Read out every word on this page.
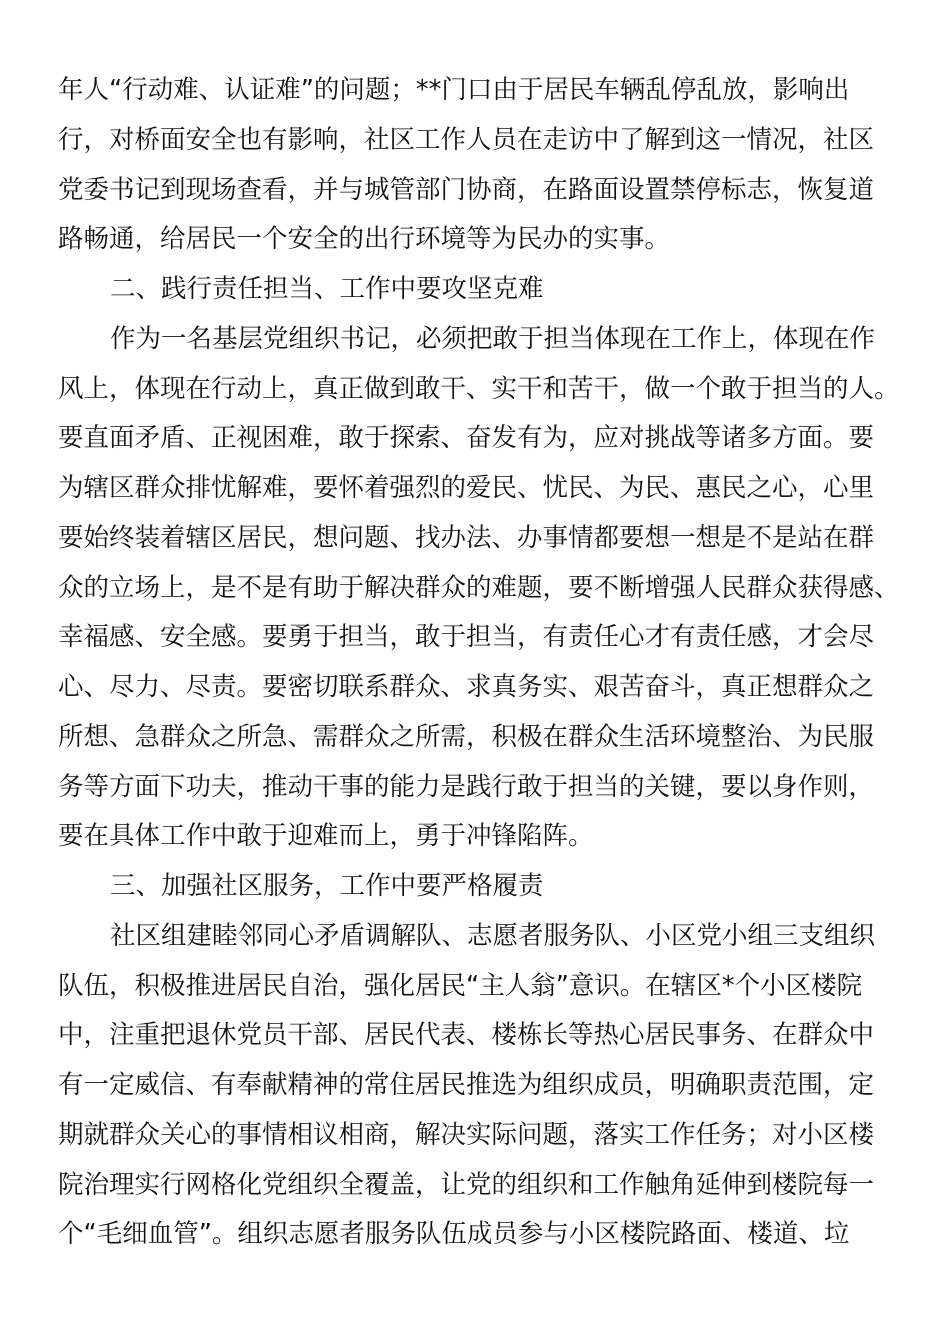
年人“行动难、认证难”的问题；**门口由于居民车辆乱停乱放，影响出
行，对桥面安全也有影响，社区工作人员在走访中了解到这一情况，社区
党委书记到现场查看，并与城管部门协商，在路面设置禁停标志，恢复道
路畅通，给居民一个安全的出行环境等为民办的实事。
二、践行责任担当、工作中要攻坚克难
作为一名基层党组织书记，必须把敢于担当体现在工作上，体现在作
风上，体现在行动上，真正做到敢干、实干和苦干，做一个敢于担当的人。
要直面矛盾、正视困难，敢于探索、奋发有为，应对挑战等诸多方面。要
为辖区群众排忧解难，要怀着强烈的爱民、忧民、为民、惠民之心，心里
要始终装着辖区居民，想问题、找办法、办事情都要想一想是不是站在群
众的立场上，是不是有助于解决群众的难题，要不断增强人民群众获得感、
幸福感、安全感。要勇于担当，敢于担当，有责任心才有责任感，才会尽
心、尽力、尽责。要密切联系群众、求真务实、艰苦奋斗，真正想群众之
所想、急群众之所急、需群众之所需，积极在群众生活环境整治、为民服
务等方面下功夫，推动干事的能力是践行敢于担当的关键，要以身作则，
要在具体工作中敢于迎难而上，勇于冲锋陷阵。
三、加强社区服务，工作中要严格履责
社区组建睦邻同心矛盾调解队、志愿者服务队、小区党小组三支组织
队伍，积极推进居民自治，强化居民“主人翁”意识。在辖区*个小区楼院
中，注重把退休党员干部、居民代表、楼栋长等热心居民事务、在群众中
有一定威信、有奉献精神的常住居民推选为组织成员，明确职责范围，定
期就群众关心的事情相议相商，解决实际问题，落实工作任务；对小区楼
院治理实行网格化党组织全覆盖，让党的组织和工作触角延伸到楼院每一
个“毛细血管”。组织志愿者服务队伍成员参与小区楼院路面、楼道、垃
